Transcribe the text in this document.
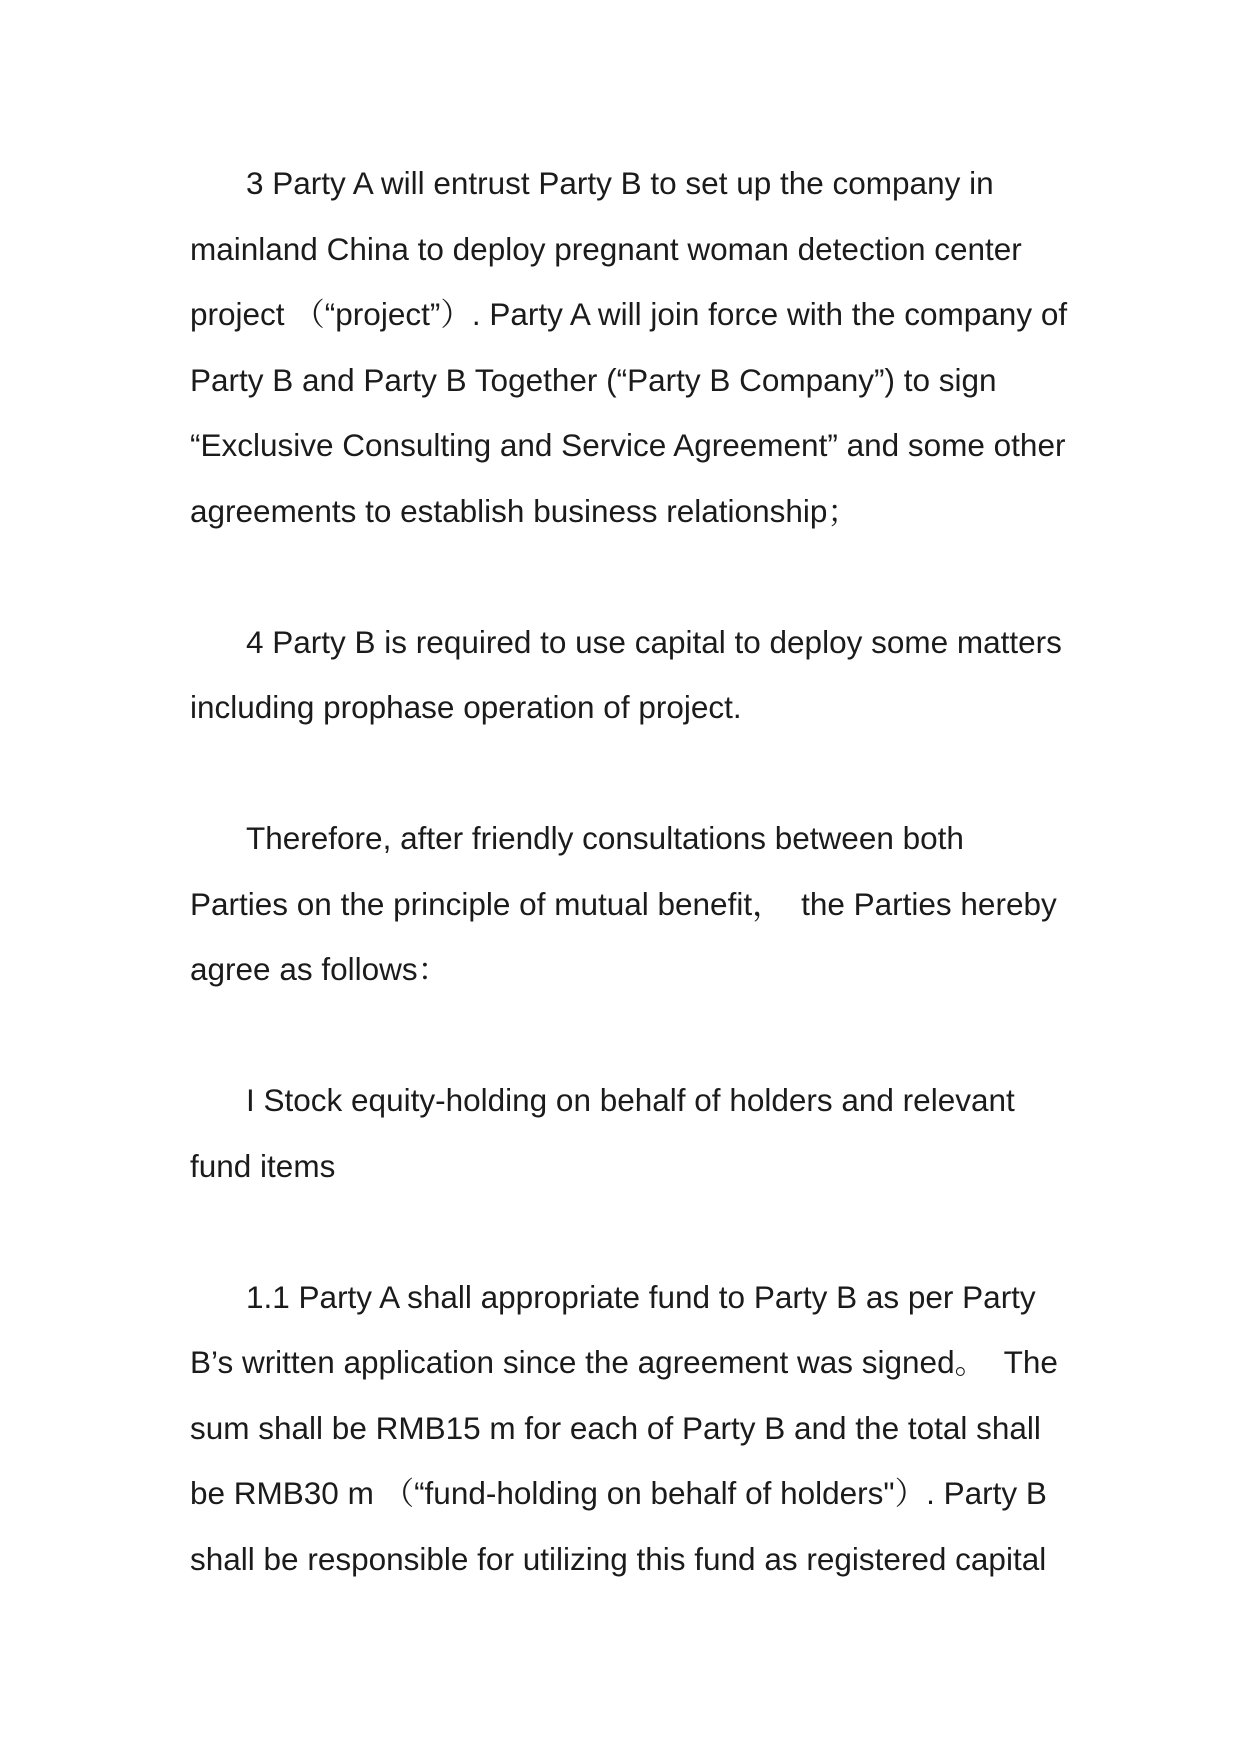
3 Party A will entrust Party B to set up the company in
mainland China to deploy pregnant woman detection center
project （“project”）. Party A will join force with the company of
Party B and Party B Together (“Party B Company”) to sign
“Exclusive Consulting and Service Agreement” and some other
agreements to establish business relationship；
4 Party B is required to use capital to deploy some matters
including prophase operation of project.
Therefore, after friendly consultations between both
Parties on the principle of mutual benefit，  the Parties hereby
agree as follows：
I Stock equity-holding on behalf of holders and relevant
fund items
1.1 Party A shall appropriate fund to Party B as per Party
B’s written application since the agreement was signed。  The
sum shall be RMB15 m for each of Party B and the total shall
be RMB30 m （“fund-holding on behalf of holders"）. Party B
shall be responsible for utilizing this fund as registered capital
